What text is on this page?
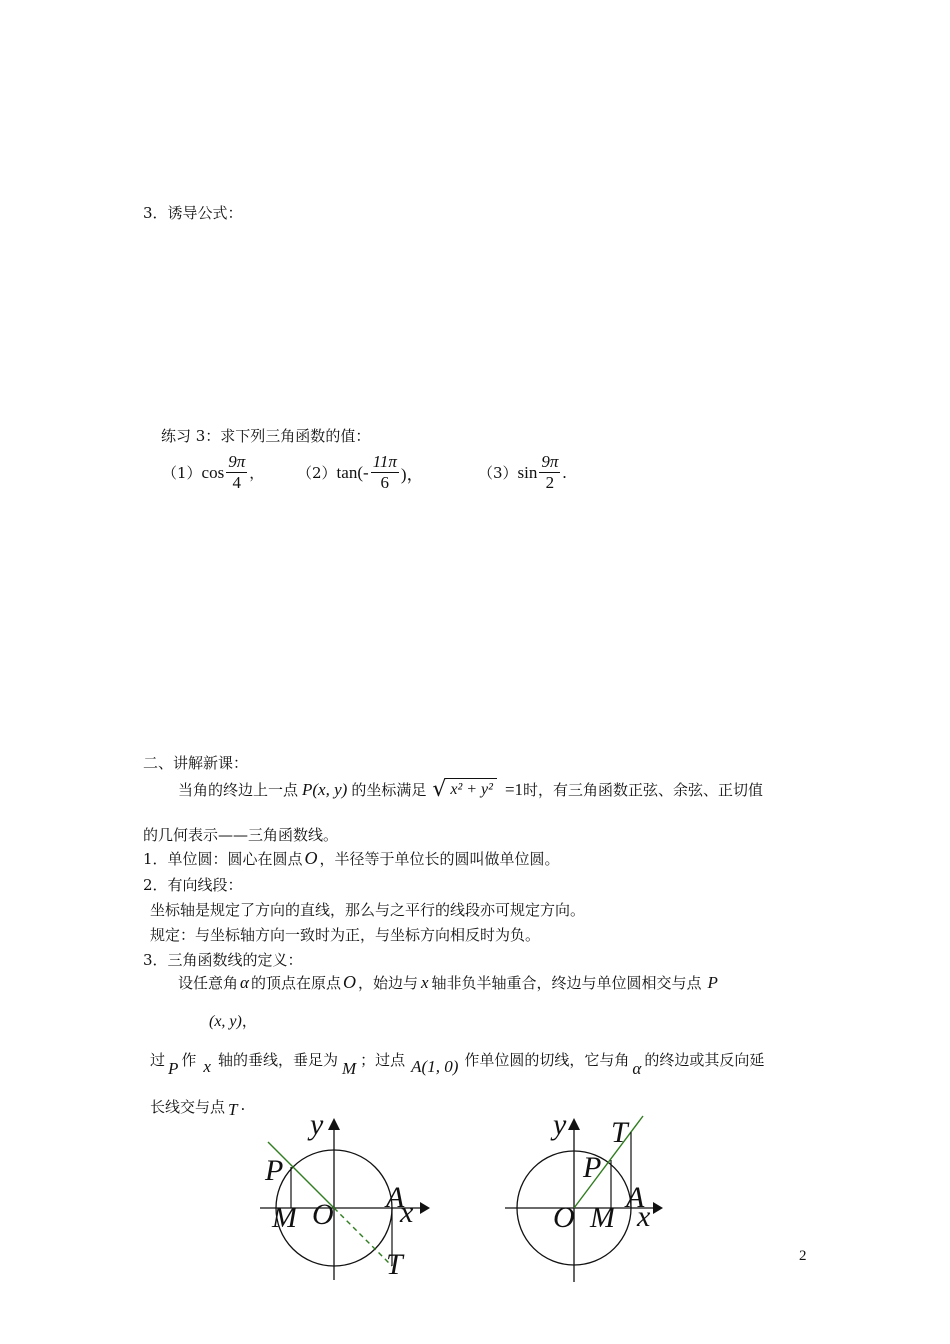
3．诱导公式：
练习 3：求下列三角函数的值：
（1） $\cos \frac{9\pi}{4}$ ， （2） $\tan(- \frac{11\pi}{6}$ )，	（3） $\sin \frac{9\pi}{2}$ .
二、讲解新课：
当角的终边上一点 P(x, y) 的坐标满足 √ x² + y² =1 时，有三角函数正弦、余弦、正切值
的几何表示——三角函数线。
1．单位圆：圆心在圆点 O ，半径等于单位长的圆叫做单位圆。
2．有向线段：
坐标轴是规定了方向的直线，那么与之平行的线段亦可规定方向。
规定：与坐标轴方向一致时为正，与坐标方向相反时为负。
3．三角函数线的定义：
设任意角 α 的顶点在原点 O ，始边与 x 轴非负半轴重合，终边与单位圆相交与点 P
(x, y) ，
过 P 作 x 轴的垂线，垂足为 M ；过点 A(1, 0) 作单位圆的切线，它与角 α 的终边或其反向延
长线交与点 T .
y
P
M O
A
x
T
y T
P
O M
A
x
2
